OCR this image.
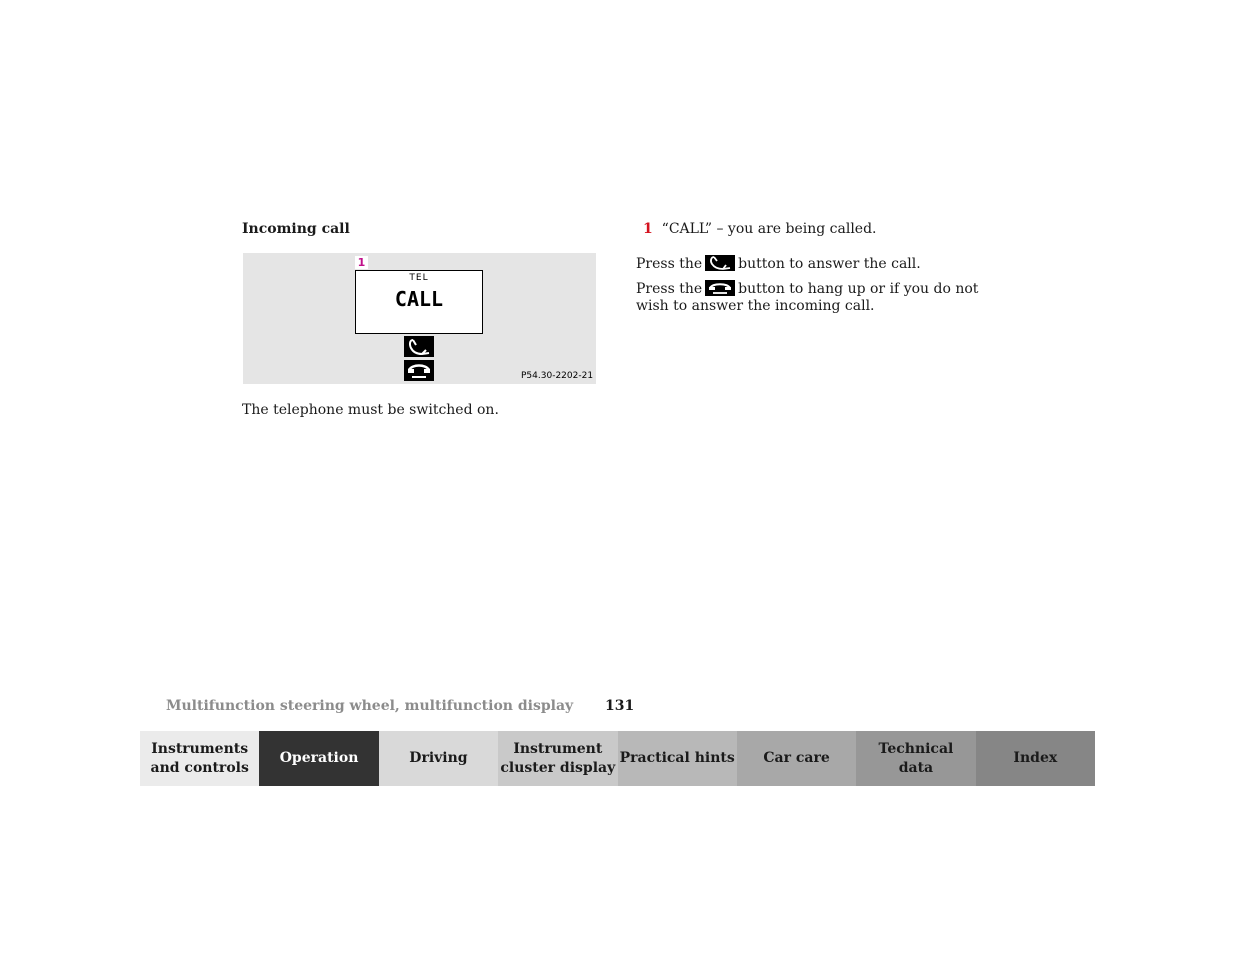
Incoming call
1
TEL
CALL
P54.30-2202-21
The telephone must be switched on.
1 “CALL” – you are being called.
Press the	button to answer the call.
Press the	button to hang up or if you do not wish to answer the incoming call.
Multifunction steering wheel, multifunction display 131
Instruments
and controls
Operation	Driving
Instrument
cluster display
Practical hints Car care
Technical
data
Index
